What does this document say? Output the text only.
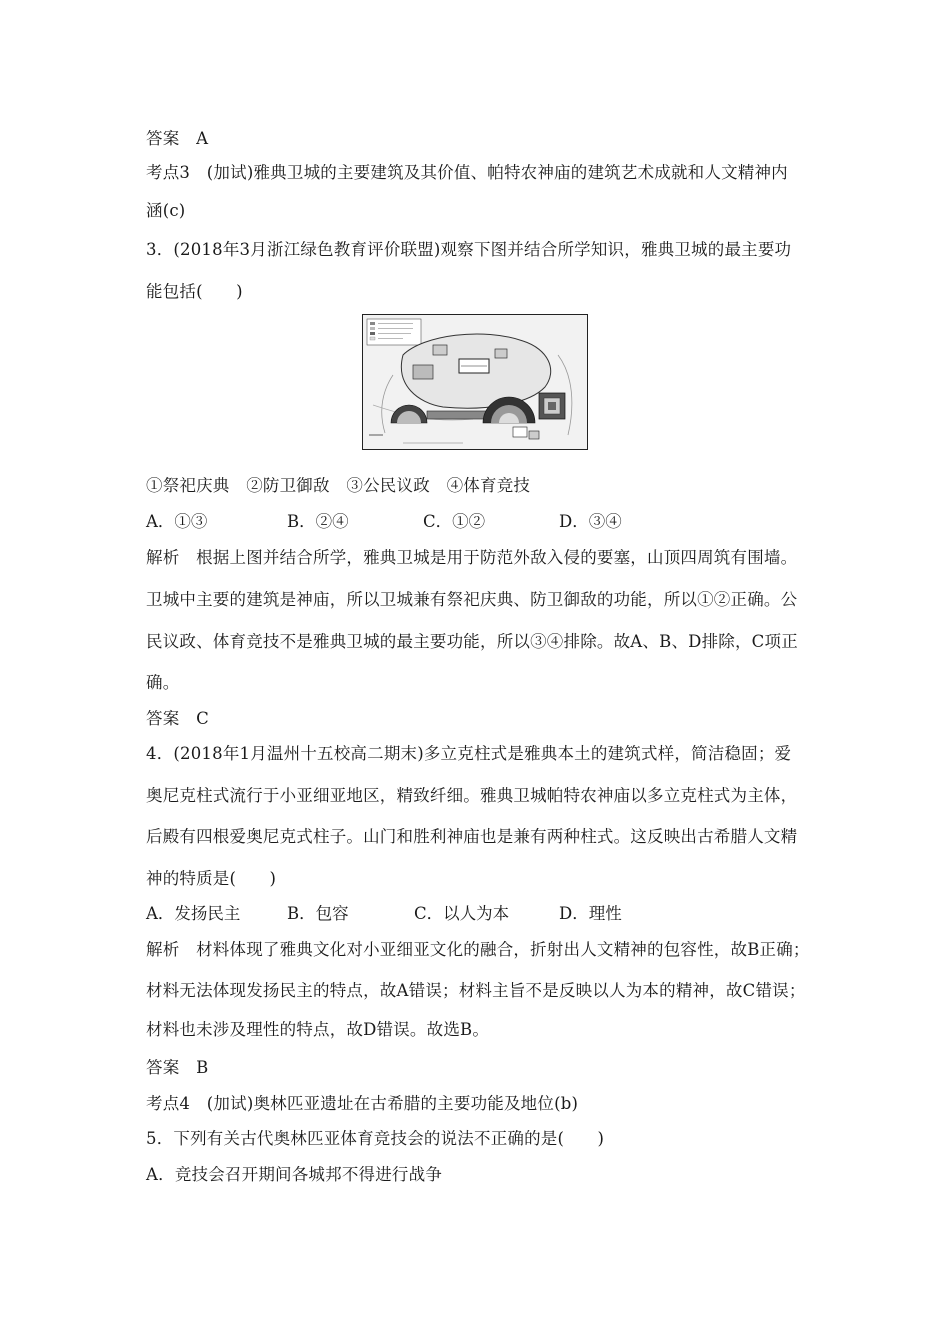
答案　A
考点3　(加试)雅典卫城的主要建筑及其价值、帕特农神庙的建筑艺术成就和人文精神内
涵(c)
3．(2018年3月浙江绿色教育评价联盟)观察下图并结合所学知识，雅典卫城的最主要功
能包括(　　)
①祭祀庆典　②防卫御敌　③公民议政　④体育竞技
A．①③	B．②④	C．①②	D．③④
解析　根据上图并结合所学，雅典卫城是用于防范外敌入侵的要塞，山顶四周筑有围墙。
卫城中主要的建筑是神庙，所以卫城兼有祭祀庆典、防卫御敌的功能，所以①②正确。公
民议政、体育竞技不是雅典卫城的最主要功能，所以③④排除。故A、B、D排除，C项正
确。
答案　C
4．(2018年1月温州十五校高二期末)多立克柱式是雅典本土的建筑式样，简洁稳固；爱
奥尼克柱式流行于小亚细亚地区，精致纤细。雅典卫城帕特农神庙以多立克柱式为主体，
后殿有四根爱奥尼克式柱子。山门和胜利神庙也是兼有两种柱式。这反映出古希腊人文精
神的特质是(　　)
A．发扬民主	B．包容	C．以人为本	D．理性
解析　材料体现了雅典文化对小亚细亚文化的融合，折射出人文精神的包容性，故B正确；
材料无法体现发扬民主的特点，故A错误；材料主旨不是反映以人为本的精神，故C错误；
材料也未涉及理性的特点，故D错误。故选B。
答案　B
考点4　(加试)奥林匹亚遗址在古希腊的主要功能及地位(b)
5．下列有关古代奥林匹亚体育竞技会的说法不正确的是(　　)
A．竞技会召开期间各城邦不得进行战争
